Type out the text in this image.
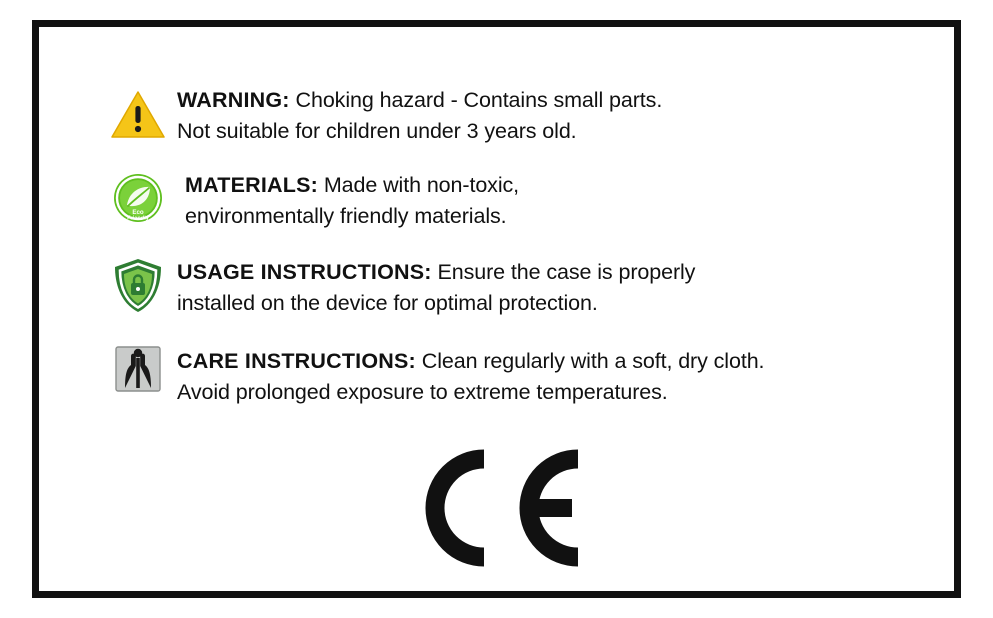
WARNING: Choking hazard - Contains small parts.
Not suitable for children under 3 years old.
Eco
Friendly
MATERIALS: Made with non-toxic,
environmentally friendly materials.
USAGE INSTRUCTIONS: Ensure the case is properly
installed on the device for optimal protection.
CARE INSTRUCTIONS: Clean regularly with a soft, dry cloth.
Avoid prolonged exposure to extreme temperatures.
